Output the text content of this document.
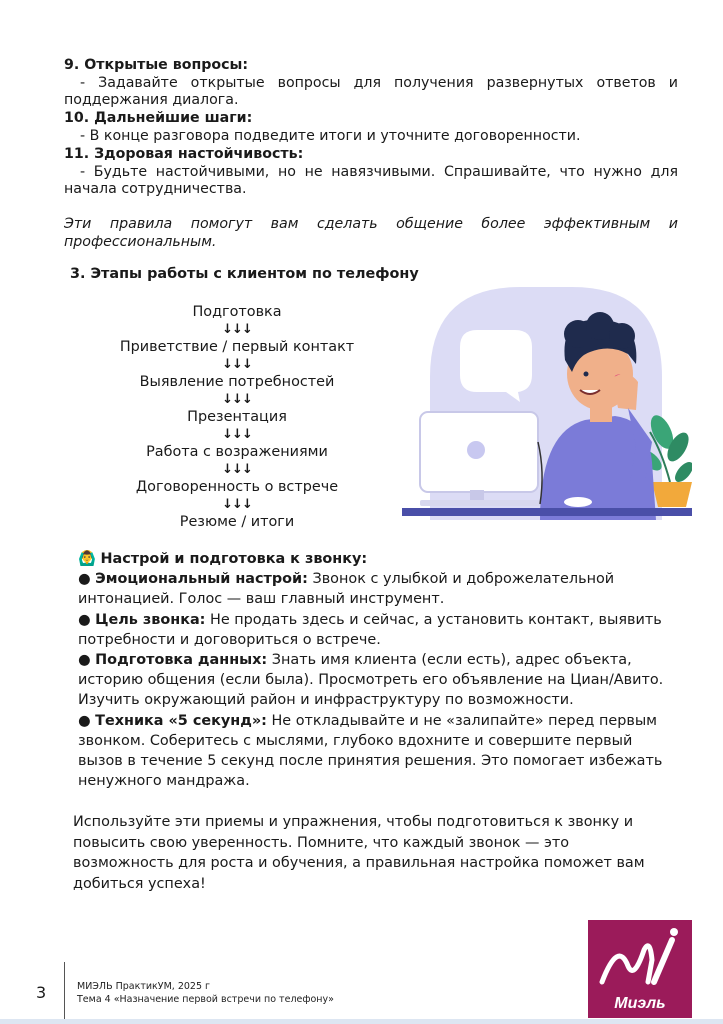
9. Открытые вопросы:
- Задавайте открытые вопросы для получения развернутых ответов и поддержания диалога.
10. Дальнейшие шаги:
- В конце разговора подведите итоги и уточните договоренности.
11. Здоровая настойчивость:
- Будьте настойчивыми, но не навязчивыми. Спрашивайте, что нужно для начала сотрудничества.
Эти правила помогут вам сделать общение более эффективным и профессиональным.
3. Этапы работы с клиентом по телефону
Подготовка
↓↓↓
Приветствие / первый контакт
↓↓↓
Выявление потребностей
↓↓↓
Презентация
↓↓↓
Работа с возражениями
↓↓↓
Договоренность о встрече
↓↓↓
Резюме / итоги
🙆‍♂️ Настрой и подготовка к звонку:
● Эмоциональный настрой: Звонок с улыбкой и доброжелательной интонацией. Голос — ваш главный инструмент.
● Цель звонка: Не продать здесь и сейчас, а установить контакт, выявить потребности и договориться о встрече.
● Подготовка данных: Знать имя клиента (если есть), адрес объекта, историю общения (если была). Просмотреть его объявление на Циан/Авито. Изучить окружающий район и инфраструктуру по возможности.
● Техника «5 секунд»: Не откладывайте и не «залипайте» перед первым звонком. Соберитесь с мыслями, глубоко вдохните и совершите первый вызов в течение 5 секунд после принятия решения. Это помогает избежать ненужного мандража.
Используйте эти приемы и упражнения, чтобы подготовиться к звонку и повысить свою уверенность. Помните, что каждый звонок — это возможность для роста и обучения, а правильная настройка поможет вам добиться успеха!
3	МИЭЛЬ ПрактикУМ, 2025 г
Тема 4 «Назначение первой встречи по телефону»	Миэль
